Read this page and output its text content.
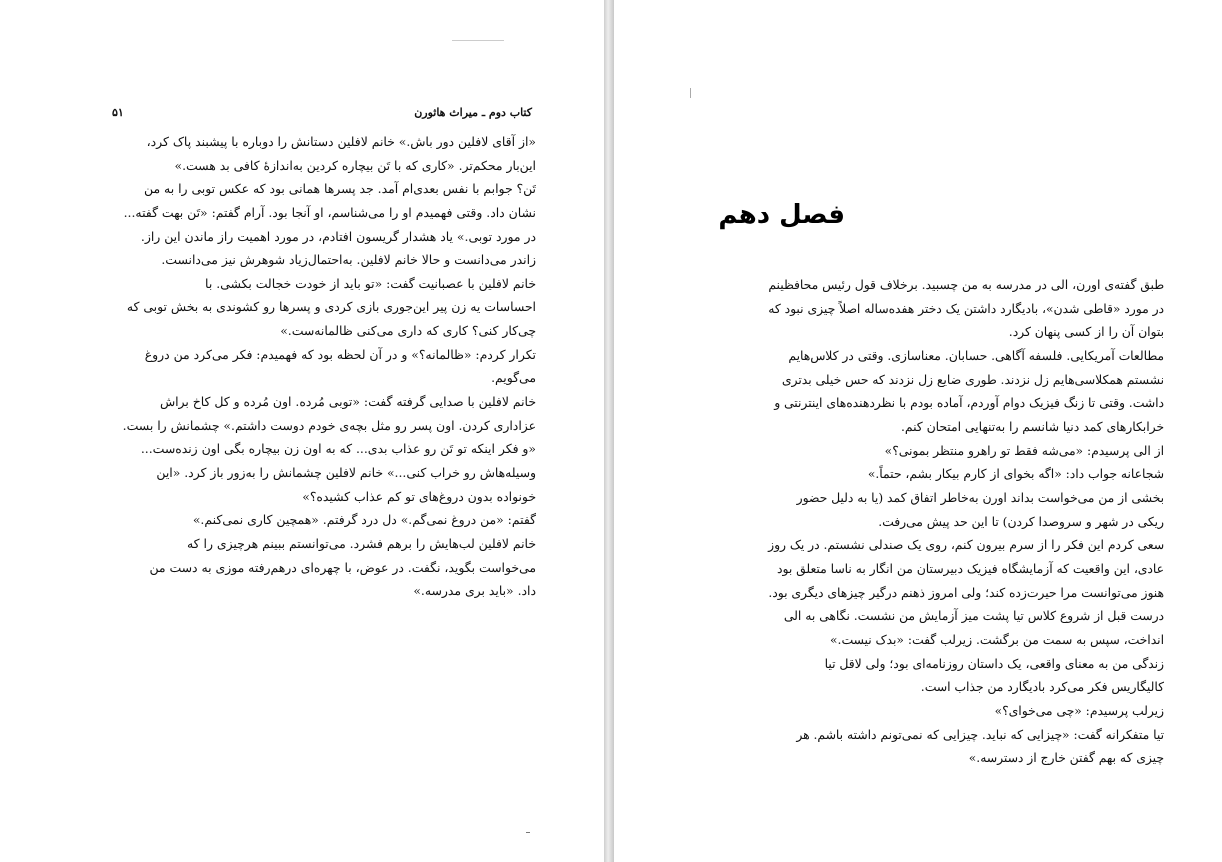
کتاب دوم ـ میراث هاثورن
۵۱
«از آقای لافلین دور باش.» خانم لافلین دستانش را دوباره با پیشبند پاک کرد،
این‌بار محکم‌تر. «کاری که با تَن بیچاره کردین به‌اندازهٔ کافی بد هست.»
تَن؟ جوابم با نفس بعدی‌ام آمد. جد پسرها همانی بود که عکس توبی را به من
نشان داد. وقتی فهمیدم او را می‌شناسم، او آنجا بود. آرام گفتم: «تَن بهت گفته...
در مورد توبی.» یاد هشدار گریسون افتادم، در مورد اهمیت راز ماندن این راز.
زاندر می‌دانست و حالا خانم لافلین. به‌احتمال‌زیاد شوهرش نیز می‌دانست.
خانم لافلین با عصبانیت گفت: «تو باید از خودت خجالت بکشی. با
احساسات یه زن پیر این‌جوری بازی کردی و پسرها رو کشوندی به بخش توبی که
چی‌کار کنی؟ کاری که داری می‌کنی ظالمانه‌ست.»
تکرار کردم: «ظالمانه؟» و در آن لحظه بود که فهمیدم: فکر می‌کرد من دروغ
می‌گویم.
خانم لافلین با صدایی گرفته گفت: «توبی مُرده. اون مُرده و کل کاخ براش
عزاداری کردن. اون پسر رو مثل بچه‌ی خودم دوست داشتم.» چشمانش را بست.
«و فکر اینکه تو تَن رو عذاب بدی... که به اون زن بیچاره بگی اون زنده‌ست...
وسیله‌هاش رو خراب کنی...» خانم لافلین چشمانش را به‌زور باز کرد. «این
خونواده بدون دروغ‌های تو کم عذاب کشیده؟»
گفتم: «من دروغ نمی‌گم.» دل درد گرفتم. «همچین کاری نمی‌کنم.»
خانم لافلین لب‌هایش را برهم فشرد. می‌توانستم ببینم هرچیزی را که
می‌خواست بگوید، نگفت. در عوض، با چهره‌ای درهم‌رفته موزی به دست من
داد. «باید بری مدرسه.»
فصل دهم
طبق گفته‌ی اورن، الی در مدرسه به من چسبید. برخلاف قول رئیس محافظینم
در مورد «قاطی شدن»، بادیگارد داشتن یک دختر هفده‌ساله اصلاً چیزی نبود که
بتوان آن را از کسی پنهان کرد.
مطالعات آمریکایی. فلسفه آگاهی. حسابان. معناسازی. وقتی در کلاس‌هایم
نشستم همکلاسی‌هایم زل نزدند. طوری ضایع زل نزدند که حس خیلی بدتری
داشت. وقتی تا زنگ فیزیک دوام آوردم، آماده بودم با نظردهنده‌های اینترنتی و
خرابکارهای کمد دنیا شانسم را به‌تنهایی امتحان کنم.
از الی پرسیدم: «می‌شه فقط تو راهرو منتظر بمونی؟»
شجاعانه جواب داد: «اگه بخوای از کارم بیکار بشم، حتماً.»
بخشی از من می‌خواست بداند اورن به‌خاطر اتفاق کمد (یا به دلیل حضور
ریکی در شهر و سروصدا کردن) تا این حد پیش می‌رفت.
سعی کردم این فکر را از سرم بیرون کنم، روی یک صندلی نشستم. در یک روز
عادی، این واقعیت که آزمایشگاه فیزیک دبیرستان من انگار به ناسا متعلق بود
هنوز می‌توانست مرا حیرت‌زده کند؛ ولی امروز ذهنم درگیر چیزهای دیگری بود.
درست قبل از شروع کلاس تیا پشت میز آزمایش من نشست. نگاهی به الی
انداخت، سپس به سمت من برگشت. زیرلب گفت: «بدک نیست.»
زندگی من به معنای واقعی، یک داستان روزنامه‌ای بود؛ ولی لاقل تیا
کالیگاریس فکر می‌کرد بادیگارد من جذاب است.
زیرلب پرسیدم: «چی می‌خوای؟»
تیا متفکرانه گفت: «چیزایی که نباید. چیزایی که نمی‌تونم داشته باشم. هر
چیزی که بهم گفتن خارج از دسترسه.»
